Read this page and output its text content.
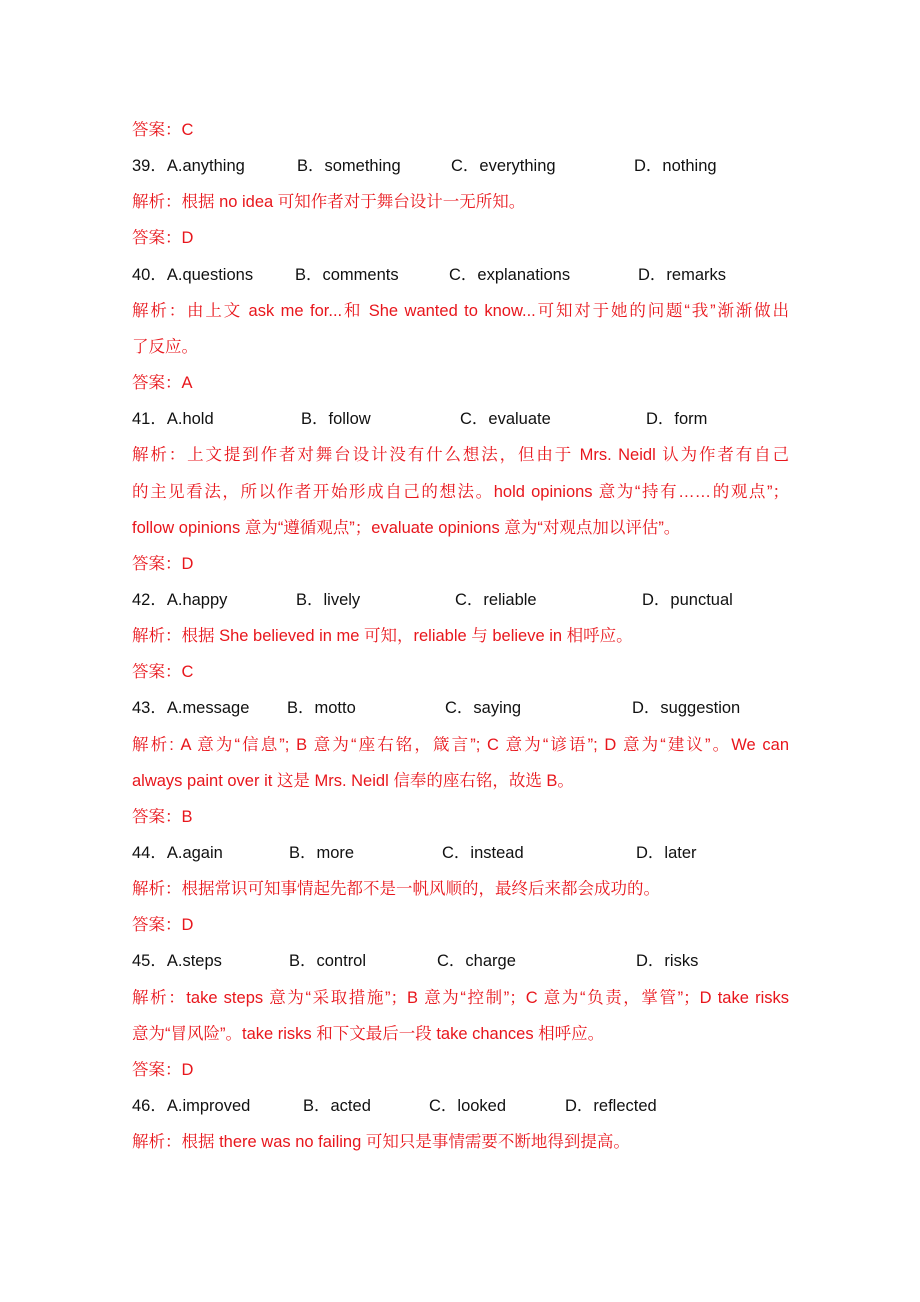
答案：C
39．A.anything	B．something	C．everything	D．nothing
解析：根据 no idea 可知作者对于舞台设计一无所知。
答案：D
40．A.questions	B．comments	C．explanations	D．remarks
解析：由上文 ask me for...和 She wanted to know...可知对于她的问题“我”渐渐做出
了反应。
答案：A
41．A.hold	B．follow	C．evaluate	D．form
解析：上文提到作者对舞台设计没有什么想法，但由于 Mrs. Neidl 认为作者有自己
的主见看法，所以作者开始形成自己的想法。hold opinions 意为“持有……的观点”；
follow opinions 意为“遵循观点”；evaluate opinions 意为“对观点加以评估”。
答案：D
42．A.happy	B．lively	C．reliable	D．punctual
解析：根据 She believed in me 可知，reliable 与 believe in 相呼应。
答案：C
43．A.message B．motto	C．saying	D．suggestion
解析: A 意为“信息”; B 意为“座右铭，箴言”; C 意为“谚语”; D 意为“建议”。We can
always paint over it 这是 Mrs. Neidl 信奉的座右铭，故选 B。
答案：B
44．A.again	B．more	C．instead	D．later
解析：根据常识可知事情起先都不是一帆风顺的，最终后来都会成功的。
答案：D
45．A.steps	B．control	C．charge	D．risks
解析：take steps 意为“采取措施”；B 意为“控制”；C 意为“负责，掌管”；D take risks
意为“冒风险”。take risks 和下文最后一段 take chances 相呼应。
答案：D
46．A.improved	B．acted	C．looked	D．reflected
解析：根据 there was no failing 可知只是事情需要不断地得到提高。
